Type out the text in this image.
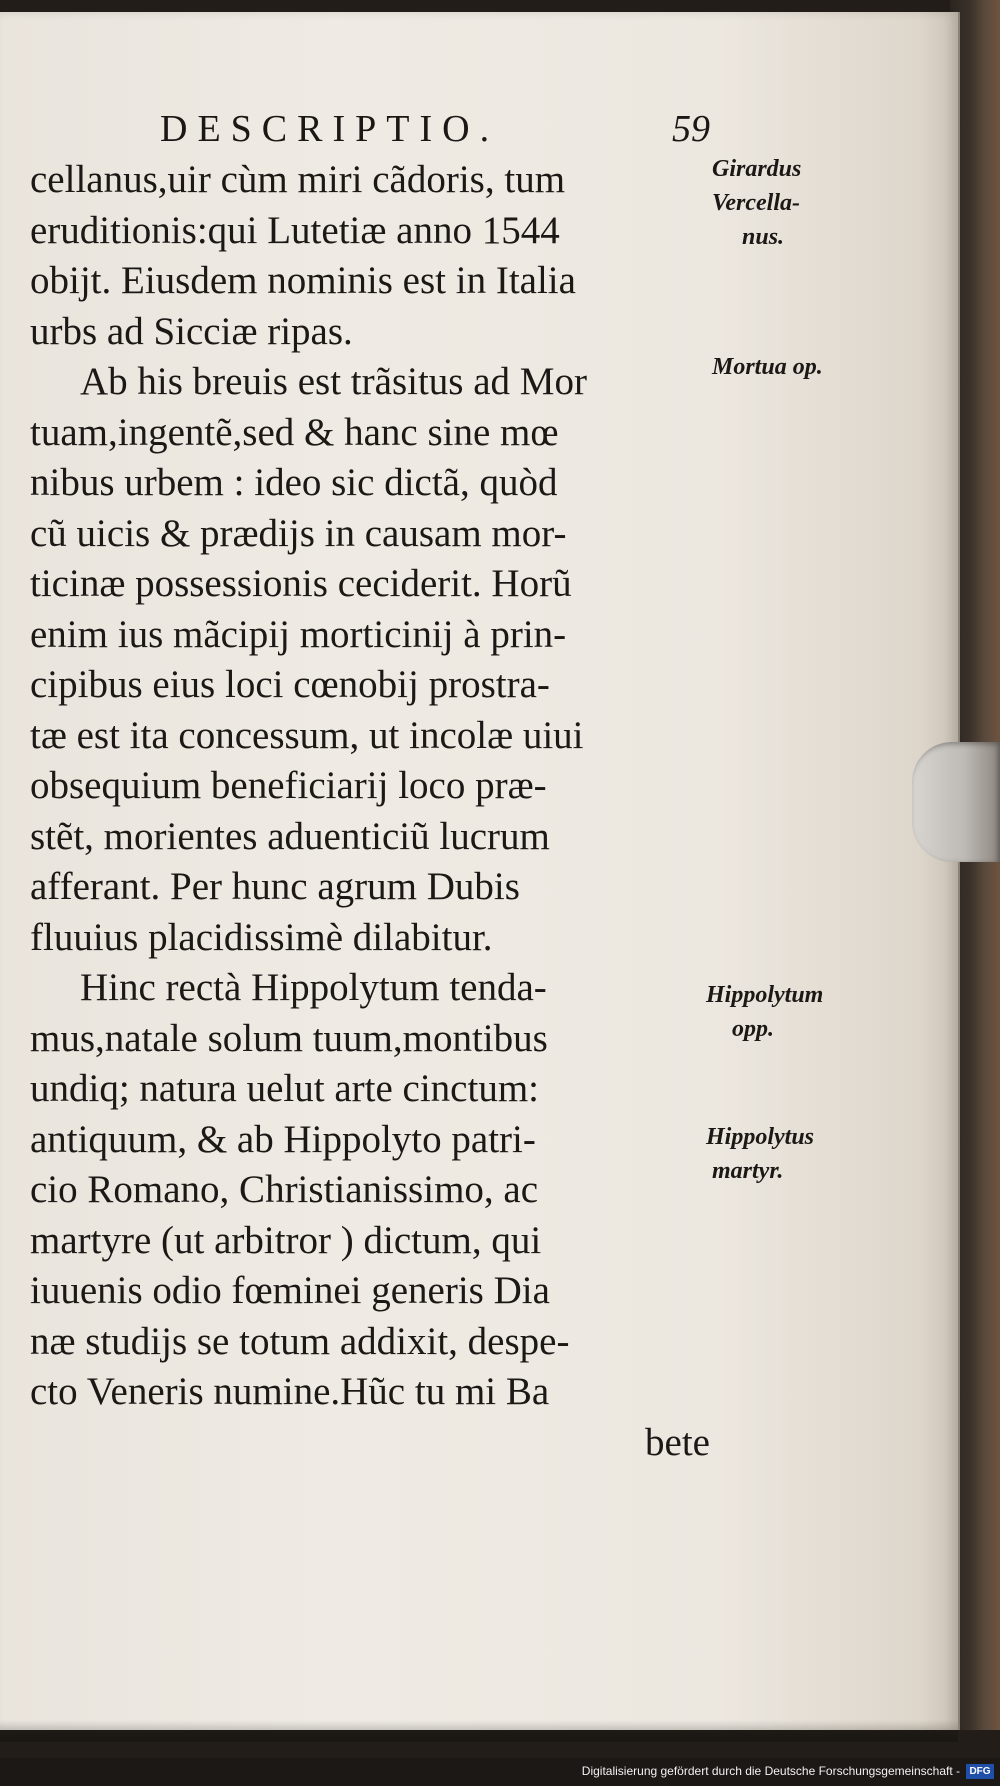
DESCRIPTIO.	59
cellanus,uir cùm miri cãdoris, tum
eruditionis:qui Lutetiæ anno 1544
obijt. Eiusdem nominis est in Italia
urbs ad Sicciæ ripas.
Ab his breuis est trãsitus ad Mor
tuam,ingentẽ,sed & hanc sine mœ
nibus urbem : ideo sic dictã, quòd
cũ uicis & prædijs in causam mor-
ticinæ possessionis ceciderit. Horũ
enim ius mãcipij morticinij à prin-
cipibus eius loci cœnobij prostra-
tæ est ita concessum, ut incolæ uiui
obsequium beneficiarij loco præ-
stẽt, morientes aduenticiũ lucrum
afferant. Per hunc agrum Dubis
fluuius placidissimè dilabitur.
Hinc rectà Hippolytum tenda-
mus,natale solum tuum,montibus
undiq; natura uelut arte cinctum:
antiquum, & ab Hippolyto patri-
cio Romano, Christianissimo, ac
martyre (ut arbitror ) dictum, qui
iuuenis odio fœminei generis Dia
næ studijs se totum addixit, despe-
cto Veneris numine.Hũc tu mi Ba
bete
Girardus
Vercella-
nus.
Mortua op.
Hippolytum
opp.
Hippolytus
martyr.
Digitalisierung gefördert durch die Deutsche Forschungsgemeinschaft - DFG
